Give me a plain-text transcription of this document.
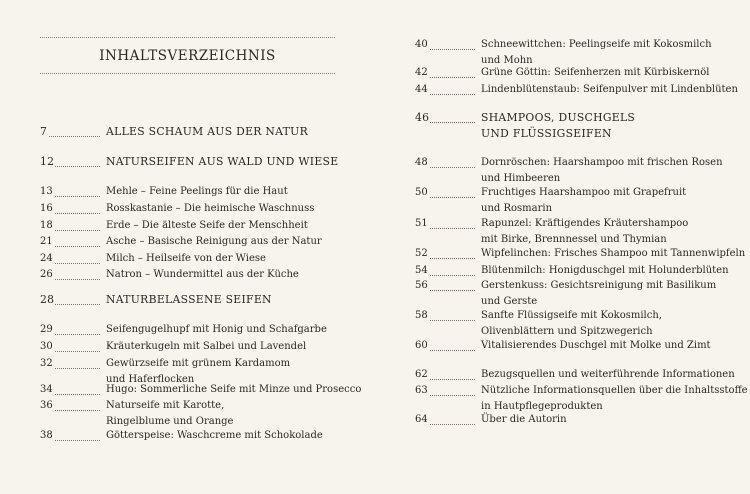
INHALTSVERZEICHNIS
7	ALLES SCHAUM AUS DER NATUR
12	NATURSEIFEN AUS WALD UND WIESE
13	Mehle – Feine Peelings für die Haut
16	Rosskastanie – Die heimische Waschnuss
18	Erde – Die älteste Seife der Menschheit
21	Asche – Basische Reinigung aus der Natur
24	Milch – Heilseife von der Wiese
26	Natron – Wundermittel aus der Küche
28	NATURBELASSENE SEIFEN
29	Seifengugelhupf mit Honig und Schafgarbe
30	Kräuterkugeln mit Salbei und Lavendel
32	Gewürzseife mit grünem Kardamom
und Haferflocken
34	Hugo: Sommerliche Seife mit Minze und Prosecco
36	Naturseife mit Karotte,
Ringelblume und Orange
38	Götterspeise: Waschcreme mit Schokolade
40	Schneewittchen: Peelingseife mit Kokosmilch
und Mohn
42	Grüne Göttin: Seifenherzen mit Kürbiskernöl
44	Lindenblütenstaub: Seifenpulver mit Lindenblüten
46	SHAMPOOS, DUSCHGELS
UND FLÜSSIGSEIFEN
48	Dornröschen: Haarshampoo mit frischen Rosen
und Himbeeren
50	Fruchtiges Haarshampoo mit Grapefruit
und Rosmarin
51	Rapunzel: Kräftigendes Kräutershampoo
mit Birke, Brennnessel und Thymian
52	Wipfelinchen: Frisches Shampoo mit Tannenwipfeln
54	Blütenmilch: Honigduschgel mit Holunderblüten
56	Gerstenkuss: Gesichtsreinigung mit Basilikum
und Gerste
58	Sanfte Flüssigseife mit Kokosmilch,
Olivenblättern und Spitzwegerich
60	Vitalisierendes Duschgel mit Molke und Zimt
62	Bezugsquellen und weiterführende Informationen
63	Nützliche Informationsquellen über die Inhaltsstoffe
in Hautpflegeprodukten
64	Über die Autorin
